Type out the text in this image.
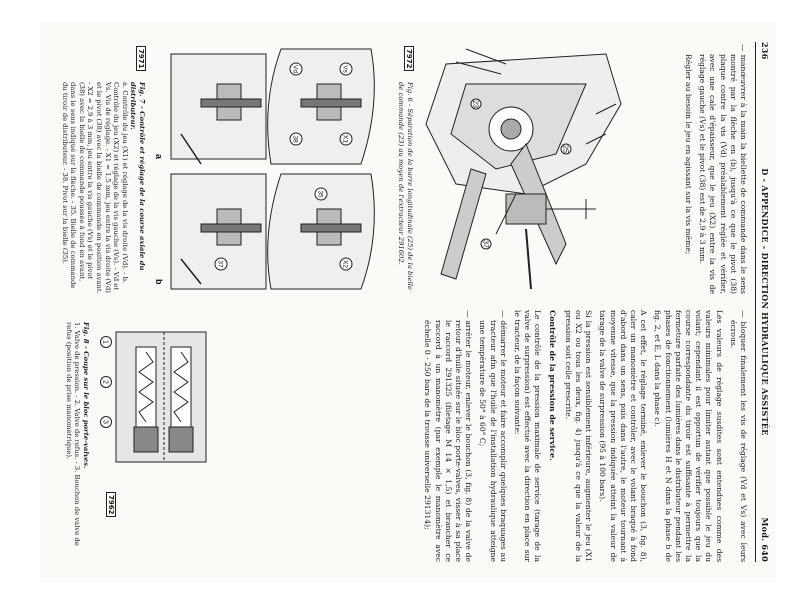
236
D - APPENDICE - DIRECTION HYDRAULIQUE ASSISTÉE
Mod. 640

— manœuvrer à la main la biellette de commande dans le sens montré par la flèche en (b), jusqu'à ce que le pivot (38) plaque contre la vis (Vd) préalablement réglée et vérifier, avec une cale d'épaisseur, que le jeu (X2) entre la vis de réglage gauche (Vs) et le pivot (38) est de 2,9 à 3 mm.

Régler au besoin le jeu en agissant sur la vis même;

25
23
37
7972
Fig. 6 - Séparation de la barre longitudinale (25) de la bielle de commande (23) au moyen de l'extracteur 291602.
Vs
X1
Vd
38
35
X2
37
a
b
7971
Fig. 7 - Contrôle et réglage de la course axiale du distributeur.
a. Contrôle du jeu (X1) et réglage de la vis droite (Vd). - b. Contrôle du jeu (X2) et réglage de la vis gauche (Vs). - Vd et Vs. Vis de réglage. - X1 = 1,5 mm, jeu entre la vis droite (Vd) et le pivot (38) avec la bielle de commande en position avant. - X2 = 2,9 à 3 mm, jeu entre la vis gauche (Vs) et le pivot (38) avec la bielle de commande poussée à fond en avant, dans le sens indiqué sur la flèche. - 35. Bielle de commande du tiroir de distributeur. - 38. Pivot sur la bielle (35).

— bloquer finalement les vis de réglage (Vd et Vs) avec leurs écrous.

Les valeurs de réglage susdites sont entendues comme des valeurs minimales pour limiter autant que possible le jeu du volant; cependant il est opportun de vérifier toujours que la course correspondante du tiroir est suffisante à permettre la fermeture parfaite des lumières dans le distributeur pendant les phases de fonctionnement (lumières H et N dans la phase b de fig. 2, et E, L dans la phase c).

A cet effet, le réglage terminé, enlever le bouchon (3, fig. 8), caler un manomètre et contrôler, avec le volant braqué à fond d'abord dans un sens, puis dans l'autre, le moteur tournant à moyenne vitesse, que la pression indiquée atteint la valeur de tarage de la valve de surpression (95 à 100 bars).

Si la pression est sensiblement inférieure, augmenter le jeu (X1 ou X2 ou tous les deux, fig. 4) jusqu'à ce que la valeur de la pression soit celle prescrite.

Contrôle de la pression de service.

Le contrôle de la pression maximale de service (tarage de la valve de surpression) est effectué avec la direction en place sur le tracteur, de la façon suivante:

— démarrer le moteur et faire accomplir quelques braquages au tracteur afin que l'huile de l'installation hydraulique atteigne une température de 50° à 60° C;

— arrêter le moteur, enlever le bouchon (3, fig. 8) de la valve de retour d'huile située sur le bloc porte-valves, visser à sa place le raccord 291325 (filetage M 14 × 1,5) et brancher ce raccord à un manomètre (par exemple le manomètre avec échelle 0 - 250 bars de la trousse universelle 291314);

1
2
3
7962
Fig. 8 - Coupe sur le bloc porte-valves.
1. Valve de pression. - 2. Valve de refus. - 3. Bouchon de valve de refus (position de prise manométrique).
